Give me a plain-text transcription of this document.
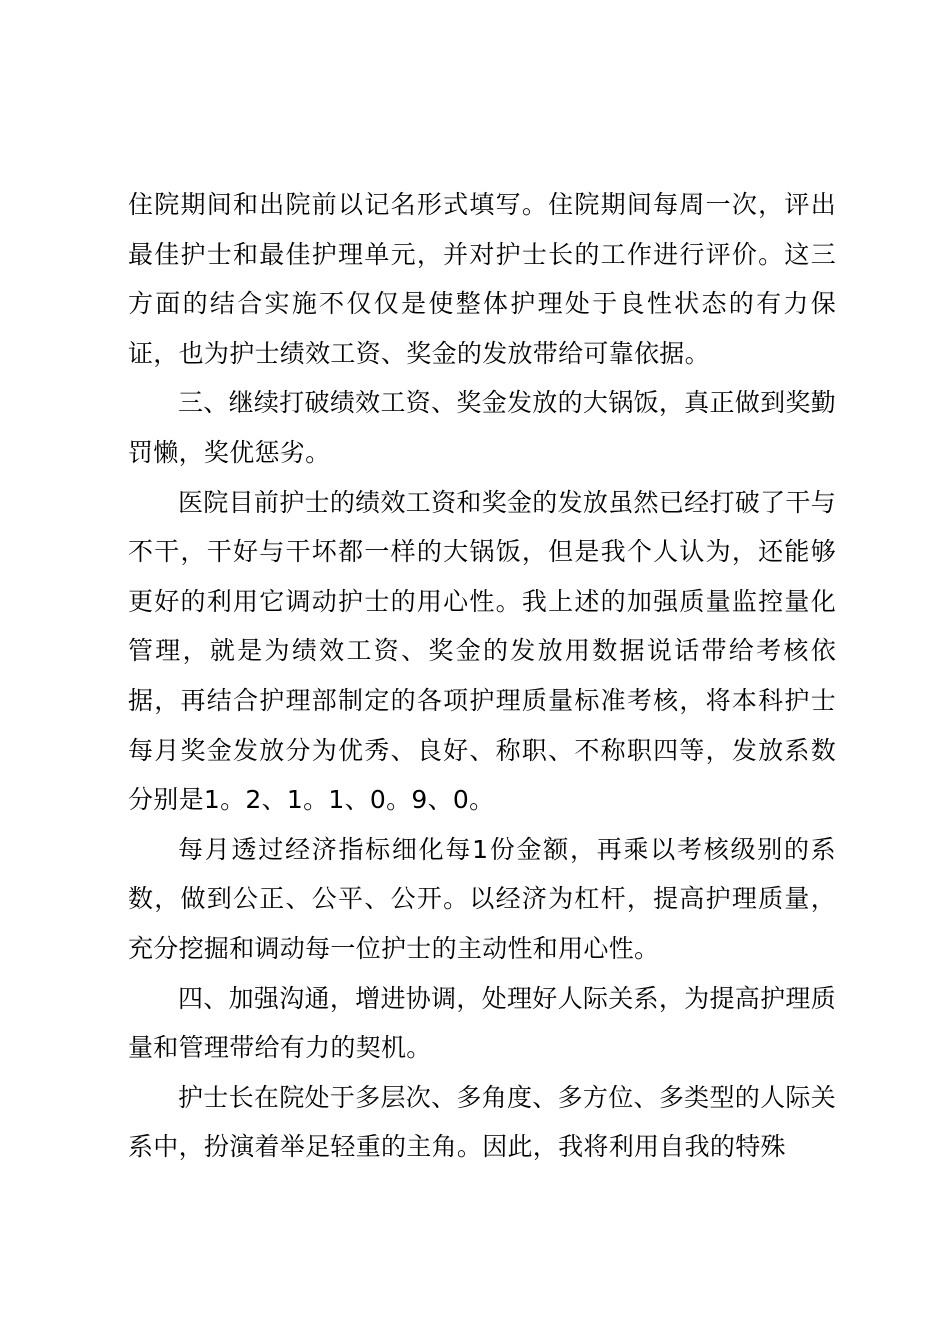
住院期间和出院前以记名形式填写。住院期间每周一次，评出最佳护士和最佳护理单元，并对护士长的工作进行评价。这三方面的结合实施不仅仅是使整体护理处于良性状态的有力保证，也为护士绩效工资、奖金的发放带给可靠依据。

三、继续打破绩效工资、奖金发放的大锅饭，真正做到奖勤罚懒，奖优惩劣。

医院目前护士的绩效工资和奖金的发放虽然已经打破了干与不干，干好与干坏都一样的大锅饭，但是我个人认为，还能够更好的利用它调动护士的用心性。我上述的加强质量监控量化管理，就是为绩效工资、奖金的发放用数据说话带给考核依据，再结合护理部制定的各项护理质量标准考核，将本科护士每月奖金发放分为优秀、良好、称职、不称职四等，发放系数分别是1。2、1。1、0。9、0。

每月透过经济指标细化每1份金额，再乘以考核级别的系数，做到公正、公平、公开。以经济为杠杆，提高护理质量，充分挖掘和调动每一位护士的主动性和用心性。

四、加强沟通，增进协调，处理好人际关系，为提高护理质量和管理带给有力的契机。

护士长在院处于多层次、多角度、多方位、多类型的人际关系中，扮演着举足轻重的主角。因此，我将利用自我的特殊
